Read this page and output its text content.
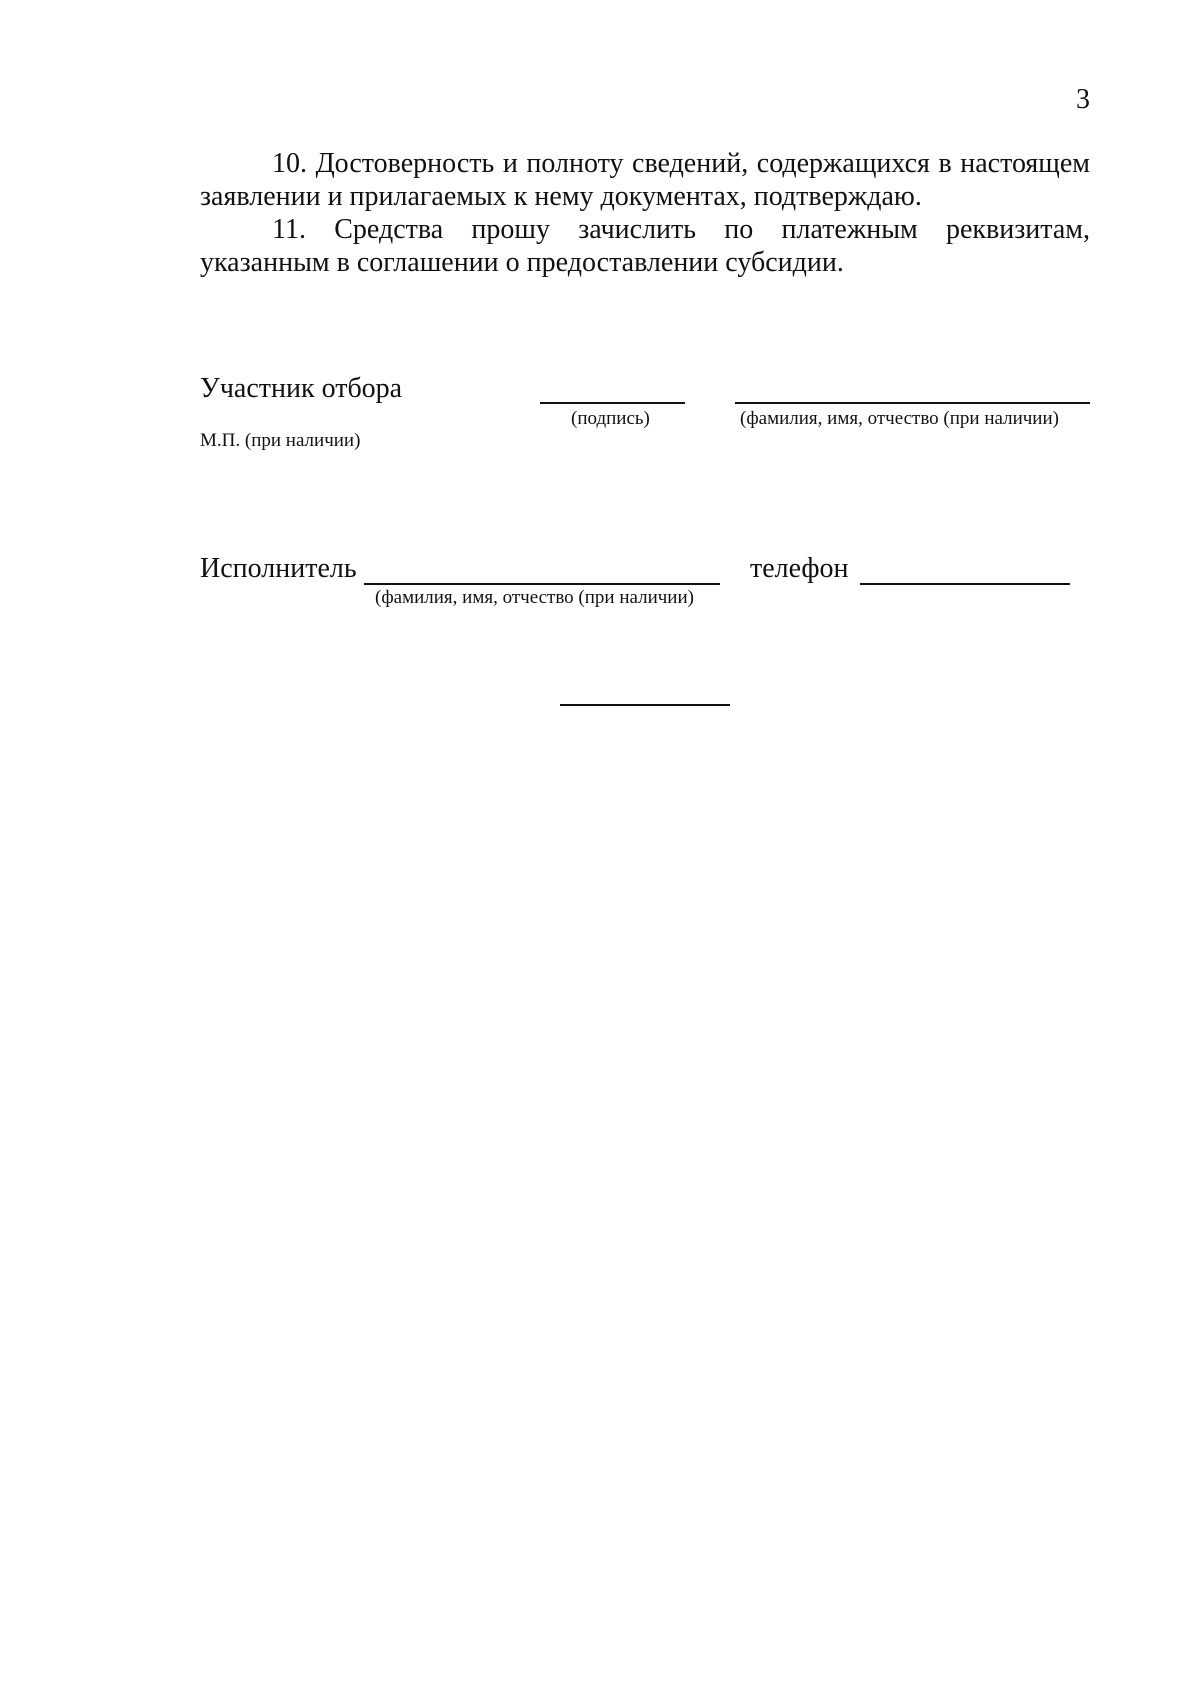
3

10. Достоверность и полноту сведений, содержащихся в настоящем заявлении и прилагаемых к нему документах, подтверждаю.

11. Средства прошу зачислить по платежным реквизитам, указанным в соглашении о предоставлении субсидии.

Участник отбора
(подпись)	(фамилия, имя, отчество (при наличии)
М.П. (при наличии)
Исполнитель
(фамилия, имя, отчество (при наличии)
телефон
